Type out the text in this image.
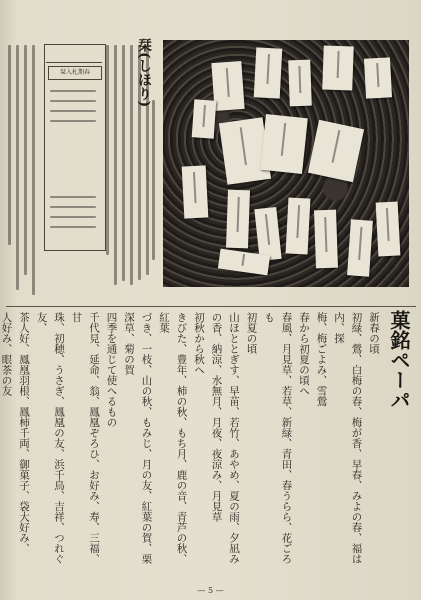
栞入札期春	栞(しほり)
菓銘ペーパ

新春の頃

初緑、鶯、白梅の春、梅が香、早春、みよの春、福は内、探

梅、梅ごよみ、雪鶯

春から初夏の頃へ

春風、月見草、若草、新緑、青田、春うらら、花ごろも

初夏の頃

山ほととぎす、早苗、若竹、あやめ、夏の雨、夕凪み

の香、納涼、水無月、月夜、夜涼み、月見草

初秋から秋へ

きびた、豊年、柿の秋、もち月、鹿の音、青芦の秋、紅葉

づき、一枝、山の秋、もみじ、月の友、紅葉の賀、栗

深草、菊の賀

四季を通じて使へるもの

千代見、延命、翁、鳳凰ぞろひ、お好み、寿、三福、甘

珠、初穂、うさぎ、鳳凰の友、浜千鳥、吉祥、つれぐ友、

茶人好、鳳凰羽根、鳳柿千両、御菓子、袋大好み、

人好み、眼茶の友

— 5 —
